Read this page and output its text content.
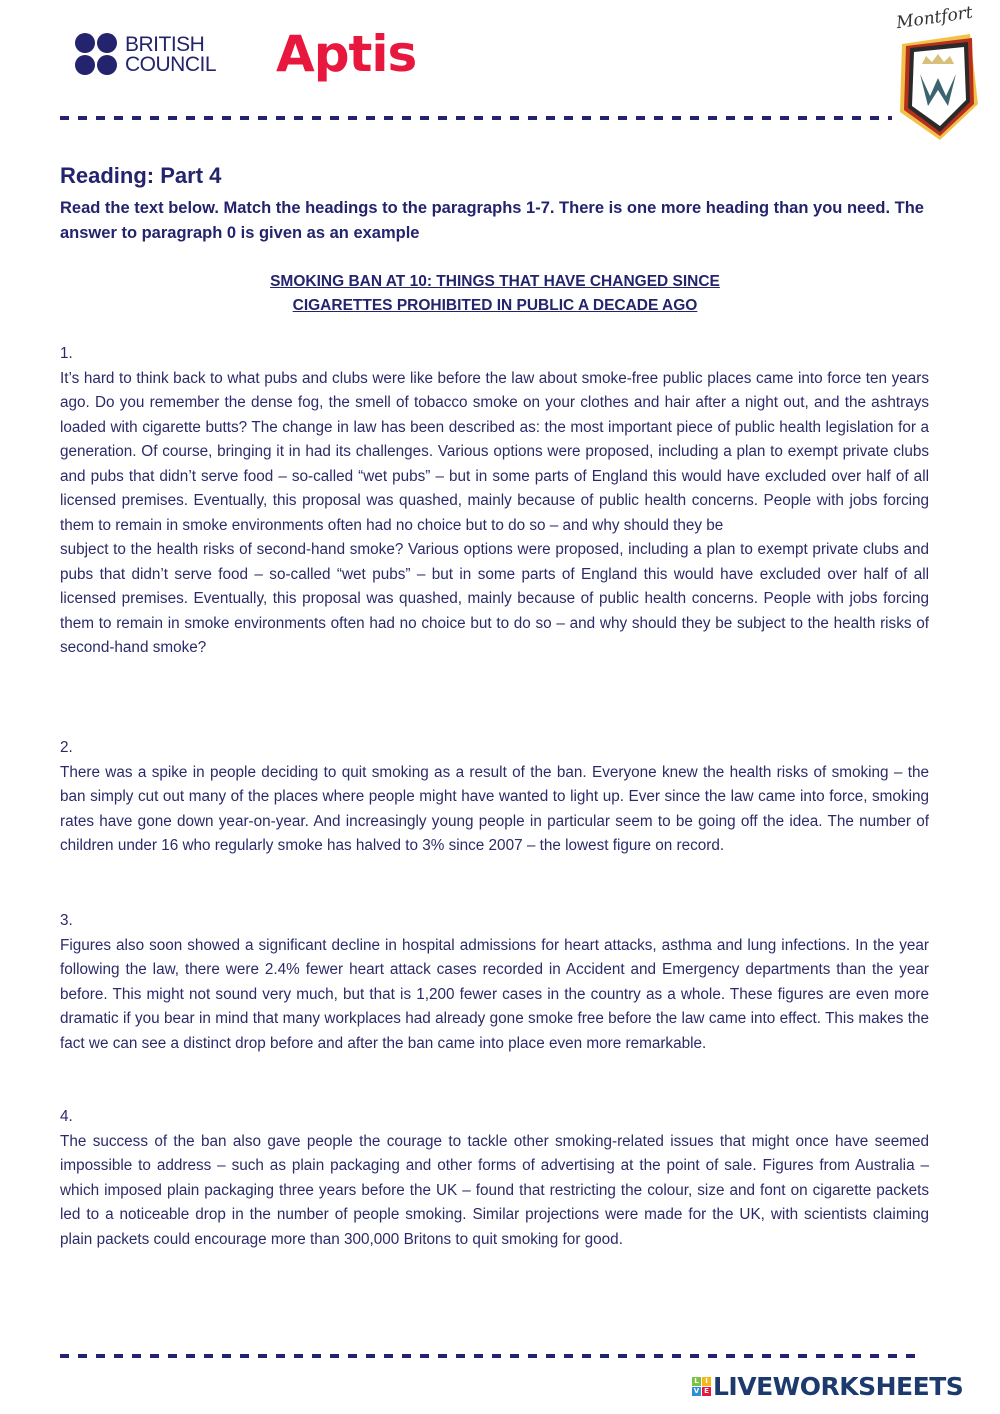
BRITISH
COUNCIL Aptis
Montfort
Reading: Part 4
Read the text below. Match the headings to the paragraphs 1-7. There is one more heading than you need. The answer to paragraph 0 is given as an example
SMOKING BAN AT 10: THINGS THAT HAVE CHANGED SINCE
CIGARETTES PROHIBITED IN PUBLIC A DECADE AGO
1.
It’s hard to think back to what pubs and clubs were like before the law about smoke-free public places came into force ten years ago. Do you remember the dense fog, the smell of tobacco smoke on your clothes and hair after a night out, and the ashtrays loaded with cigarette butts? The change in law has been described as: the most important piece of public health legislation for a generation. Of course, bringing it in had its challenges. Various options were proposed, including a plan to exempt private clubs and pubs that didn’t serve food – so-called “wet pubs” – but in some parts of England this would have excluded over half of all licensed premises. Eventually, this proposal was quashed, mainly because of public health concerns. People with jobs forcing them to remain in smoke environments often had no choice but to do so – and why should they be
subject to the health risks of second-hand smoke? Various options were proposed, including a plan to exempt private clubs and pubs that didn’t serve food – so-called “wet pubs” – but in some parts of England this would have excluded over half of all licensed premises. Eventually, this proposal was quashed, mainly because of public health concerns. People with jobs forcing them to remain in smoke environments often had no choice but to do so – and why should they be subject to the health risks of second-hand smoke?
2.
There was a spike in people deciding to quit smoking as a result of the ban. Everyone knew the health risks of smoking – the ban simply cut out many of the places where people might have wanted to light up. Ever since the law came into force, smoking rates have gone down year-on-year. And increasingly young people in particular seem to be going off the idea. The number of children under 16 who regularly smoke has halved to 3% since 2007 – the lowest figure on record.
3.
Figures also soon showed a significant decline in hospital admissions for heart attacks, asthma and lung infections. In the year following the law, there were 2.4% fewer heart attack cases recorded in Accident and Emergency departments than the year before. This might not sound very much, but that is 1,200 fewer cases in the country as a whole. These figures are even more dramatic if you bear in mind that many workplaces had already gone smoke free before the law came into effect. This makes the fact we can see a distinct drop before and after the ban came into place even more remarkable.
4.
The success of the ban also gave people the courage to tackle other smoking-related issues that might once have seemed impossible to address – such as plain packaging and other forms of advertising at the point of sale. Figures from Australia – which imposed plain packaging three years before the UK – found that restricting the colour, size and font on cigarette packets led to a noticeable drop in the number of people smoking. Similar projections were made for the UK, with scientists claiming plain packets could encourage more than 300,000 Britons to quit smoking for good.
L I
V E LIVEWORKSHEETS
